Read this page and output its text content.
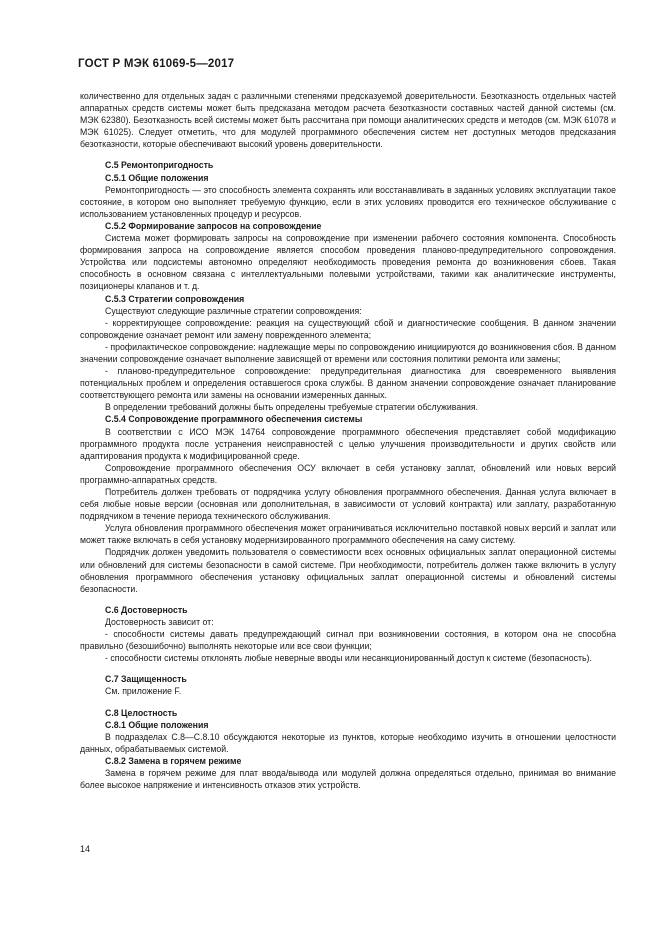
ГОСТ Р МЭК 61069-5—2017

количественно для отдельных задач с различными степенями предсказуемой доверительности. Безотказность отдельных частей аппаратных средств системы может быть предсказана методом расчета безотказности составных частей данной системы (см. МЭК 62380). Безотказность всей системы может быть рассчитана при помощи аналитических средств и методов (см. МЭК 61078 и МЭК 61025). Следует отметить, что для модулей программного обеспечения систем нет доступных методов предсказания безотказности, которые обеспечивают высокий уровень доверительности.

С.5 Ремонтопригодность

С.5.1 Общие положения

Ремонтопригодность — это способность элемента сохранять или восстанавливать в заданных условиях эксплуатации такое состояние, в котором оно выполняет требуемую функцию, если в этих условиях проводится его техническое обслуживание с использованием установленных процедур и ресурсов.

С.5.2 Формирование запросов на сопровождение

Система может формировать запросы на сопровождение при изменении рабочего состояния компонента. Способность формирования запроса на сопровождение является способом проведения планово-предупредительного сопровождения. Устройства или подсистемы автономно определяют необходимость проведения ремонта до возникновения сбоев. Такая способность в основном связана с интеллектуальными полевыми устройствами, такими как аналитические инструменты, позиционеры клапанов и т. д.

С.5.3 Стратегии сопровождения

Существуют следующие различные стратегии сопровождения:

- корректирующее сопровождение: реакция на существующий сбой и диагностические сообщения. В данном значении сопровождение означает ремонт или замену поврежденного элемента;

- профилактическое сопровождение: надлежащие меры по сопровождению инициируются до возникновения сбоя. В данном значении сопровождение означает выполнение зависящей от времени или состояния политики ремонта или замены;

- планово-предупредительное сопровождение: предупредительная диагностика для своевременного выявления потенциальных проблем и определения оставшегося срока службы. В данном значении сопровождение означает планирование соответствующего ремонта или замены на основании измеренных данных.

В определении требований должны быть определены требуемые стратегии обслуживания.

С.5.4 Сопровождение программного обеспечения системы

В соответствии с ИСО МЭК 14764 сопровождение программного обеспечения представляет собой модификацию программного продукта после устранения неисправностей с целью улучшения производительности и других свойств или адаптирования продукта к модифицированной среде.

Сопровождение программного обеспечения ОСУ включает в себя установку заплат, обновлений или новых версий программно-аппаратных средств.

Потребитель должен требовать от подрядчика услугу обновления программного обеспечения. Данная услуга включает в себя любые новые версии (основная или дополнительная, в зависимости от условий контракта) или заплату, разработанную подрядчиком в течение периода технического обслуживания.

Услуга обновления программного обеспечения может ограничиваться исключительно поставкой новых версий и заплат или может также включать в себя установку модернизированного программного обеспечения на саму систему.

Подрядчик должен уведомить пользователя о совместимости всех основных официальных заплат операционной системы или обновлений для системы безопасности в самой системе. При необходимости, потребитель должен также включить в услугу обновления программного обеспечения установку официальных заплат операционной системы и обновлений системы безопасности.

С.6 Достоверность

Достоверность зависит от:

- способности системы давать предупреждающий сигнал при возникновении состояния, в котором она не способна правильно (безошибочно) выполнять некоторые или все свои функции;

- способности системы отклонять любые неверные вводы или несанкционированный доступ к системе (безопасность).

С.7 Защищенность

См. приложение F.

С.8 Целостность

С.8.1 Общие положения

В подразделах С.8—С.8.10 обсуждаются некоторые из пунктов, которые необходимо изучить в отношении целостности данных, обрабатываемых системой.

С.8.2 Замена в горячем режиме

Замена в горячем режиме для плат ввода/вывода или модулей должна определяться отдельно, принимая во внимание более высокое напряжение и интенсивность отказов этих устройств.

14
